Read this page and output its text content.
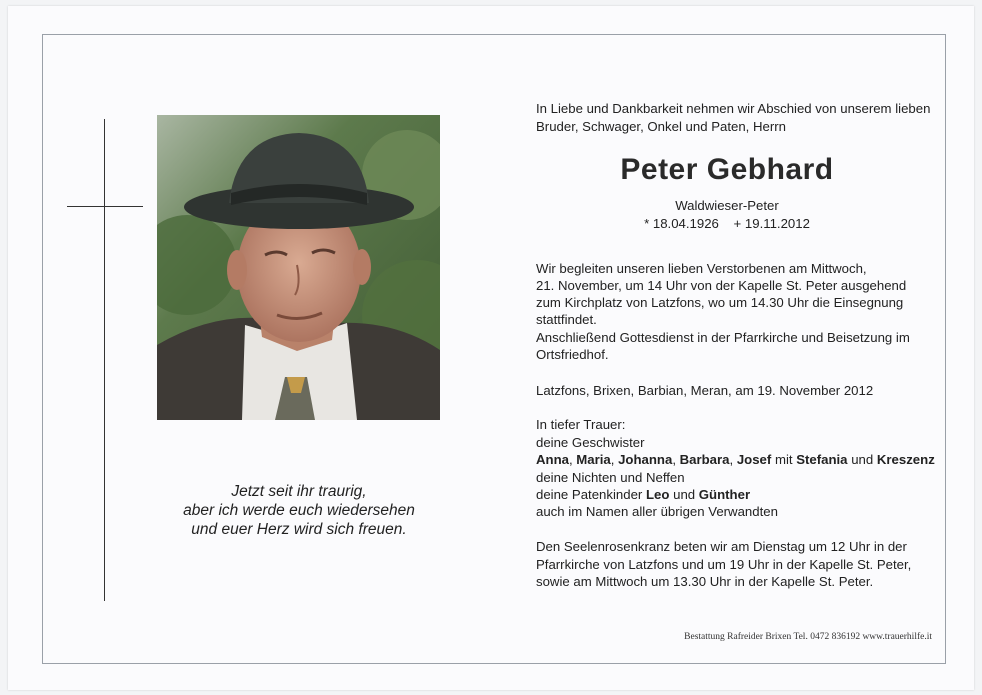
Jetzt seit ihr traurig,
aber ich werde euch wiedersehen
und euer Herz wird sich freuen.
In Liebe und Dankbarkeit nehmen wir Abschied von unserem lieben
Bruder, Schwager, Onkel und Paten, Herrn
Peter Gebhard
Waldwieser-Peter
* 18.04.1926 + 19.11.2012
Wir begleiten unseren lieben Verstorbenen am Mittwoch,
21. November, um 14 Uhr von der Kapelle St. Peter ausgehend
zum Kirchplatz von Latzfons, wo um 14.30 Uhr die Einsegnung
stattfindet.
Anschließend Gottesdienst in der Pfarrkirche und Beisetzung im
Ortsfriedhof.
Latzfons, Brixen, Barbian, Meran, am 19. November 2012
In tiefer Trauer:
deine Geschwister
Anna, Maria, Johanna, Barbara, Josef mit Stefania und Kreszenz
deine Nichten und Neffen
deine Patenkinder Leo und Günther
auch im Namen aller übrigen Verwandten
Den Seelenrosenkranz beten wir am Dienstag um 12 Uhr in der
Pfarrkirche von Latzfons und um 19 Uhr in der Kapelle St. Peter,
sowie am Mittwoch um 13.30 Uhr in der Kapelle St. Peter.
Bestattung Rafreider Brixen Tel. 0472 836192 www.trauerhilfe.it
